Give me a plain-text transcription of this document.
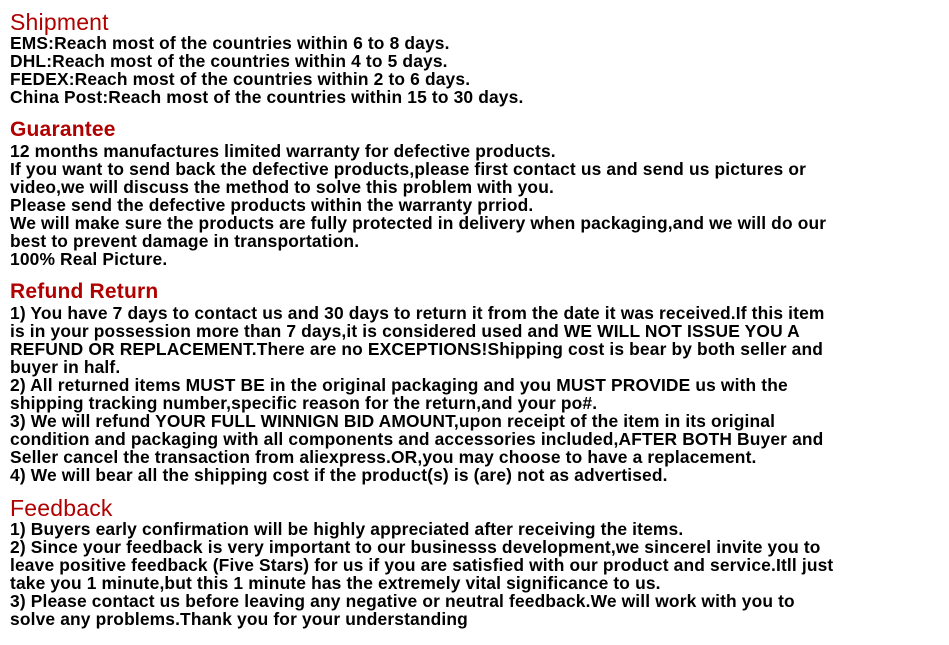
Shipment

EMS:Reach most of the countries within 6 to 8 days.

DHL:Reach most of the countries within 4 to 5 days.

FEDEX:Reach most of the countries within 2 to 6 days.

China Post:Reach most of the countries within 15 to 30 days.

Guarantee

12 months manufactures limited warranty for defective products.

If you want to send back the defective products,please first contact us and send us pictures or

video,we will discuss the method to solve this problem with you.

Please send the defective products within the warranty prriod.

We will make sure the products are fully protected in delivery when packaging,and we will do our

best to prevent damage in transportation.

100% Real Picture.

Refund Return

1) You have 7 days to contact us and 30 days to return it from the date it was received.If this item

is in your possession more than 7 days,it is considered used and WE WILL NOT ISSUE YOU A

REFUND OR REPLACEMENT.There are no EXCEPTIONS!Shipping cost is bear by both seller and

buyer in half.

2) All returned items MUST BE in the original packaging and you MUST PROVIDE us with the

shipping tracking number,specific reason for the return,and your po#.

3) We will refund YOUR FULL WINNIGN BID AMOUNT,upon receipt of the item in its original

condition and packaging with all components and accessories included,AFTER BOTH Buyer and

Seller cancel the transaction from aliexpress.OR,you may choose to have a replacement.

4) We will bear all the shipping cost if the product(s) is (are) not as advertised.

Feedback

1) Buyers early confirmation will be highly appreciated after receiving the items.

2) Since your feedback is very important to our businesss development,we sincerel invite you to

leave positive feedback (Five Stars) for us if you are satisfied with our product and service.Itll just

take you 1 minute,but this 1 minute has the extremely vital significance to us.

3) Please contact us before leaving any negative or neutral feedback.We will work with you to

solve any problems.Thank you for your understanding
